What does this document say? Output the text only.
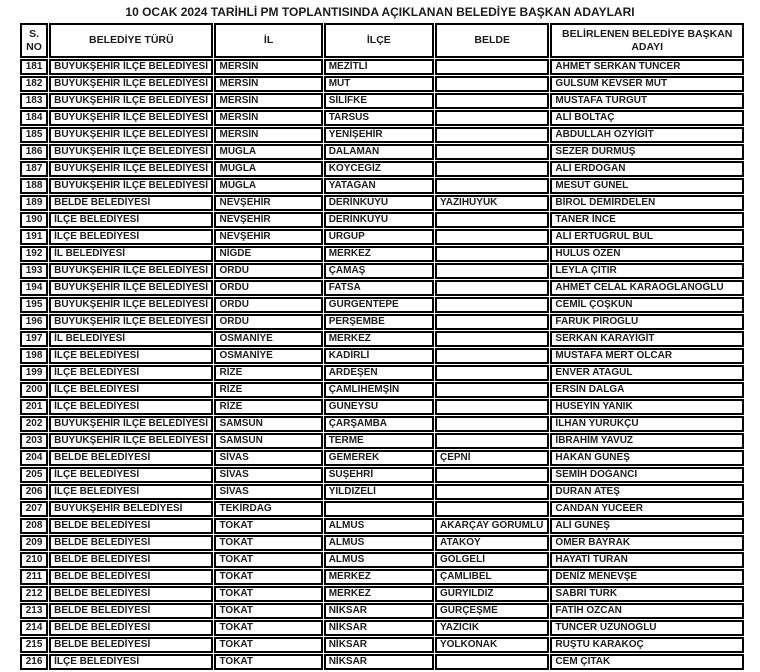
10 OCAK 2024 TARİHLİ PM TOPLANTISINDA AÇIKLANAN BELEDİYE BAŞKAN ADAYLARI
S. NO	BELEDİYE TÜRÜ	İL	İLÇE	BELDE	BELİRLENEN BELEDİYE BAŞKAN ADAYI
181	BÜYÜKŞEHİR İLÇE BELEDİYESİ	MERSİN	MEZİTLİ		AHMET SERKAN TUNCER
182	BÜYÜKŞEHİR İLÇE BELEDİYESİ	MERSİN	MUT		GÜLSÜM KEVSER MUT
183	BÜYÜKŞEHİR İLÇE BELEDİYESİ	MERSİN	SİLİFKE		MUSTAFA TURGUT
184	BÜYÜKŞEHİR İLÇE BELEDİYESİ	MERSİN	TARSUS		ALİ BOLTAÇ
185	BÜYÜKŞEHİR İLÇE BELEDİYESİ	MERSİN	YENİŞEHİR		ABDULLAH ÖZYİĞİT
186	BÜYÜKŞEHİR İLÇE BELEDİYESİ	MUĞLA	DALAMAN		SEZER DURMUŞ
187	BÜYÜKŞEHİR İLÇE BELEDİYESİ	MUĞLA	KÖYCEĞİZ		ALİ ERDOĞAN
188	BÜYÜKŞEHİR İLÇE BELEDİYESİ	MUĞLA	YATAĞAN		MESUT GÜNEL
189	BELDE BELEDİYESİ	NEVŞEHİR	DERİNKUYU	YAZIHÜYÜK	BİROL DEMİRDELEN
190	İLÇE BELEDİYESİ	NEVŞEHİR	DERİNKUYU		TANER İNCE
191	İLÇE BELEDİYESİ	NEVŞEHİR	ÜRGÜP		ALİ ERTUĞRUL BUL
192	İL BELEDİYESİ	NİĞDE	MERKEZ		HULUS ÖZEN
193	BÜYÜKŞEHİR İLÇE BELEDİYESİ	ORDU	ÇAMAŞ		LEYLA ÇITIR
194	BÜYÜKŞEHİR İLÇE BELEDİYESİ	ORDU	FATSA		AHMET CELAL KARAOĞLANOĞLU
195	BÜYÜKŞEHİR İLÇE BELEDİYESİ	ORDU	GÜRGENTEPE		CEMİL ÇOŞKUN
196	BÜYÜKŞEHİR İLÇE BELEDİYESİ	ORDU	PERŞEMBE		FARUK PİROĞLU
197	İL BELEDİYESİ	OSMANİYE	MERKEZ		SERKAN KARAYİĞİT
198	İLÇE BELEDİYESİ	OSMANİYE	KADİRLİ		MUSTAFA MERT OLCAR
199	İLÇE BELEDİYESİ	RİZE	ARDEŞEN		ENVER ATAGÜL
200	İLÇE BELEDİYESİ	RİZE	ÇAMLIHEMŞİN		ERSİN DALGA
201	İLÇE BELEDİYESİ	RİZE	GÜNEYSU		HÜSEYİN YANIK
202	BÜYÜKŞEHİR İLÇE BELEDİYESİ	SAMSUN	ÇARŞAMBA		İLHAN YÜRÜKÇÜ
203	BÜYÜKŞEHİR İLÇE BELEDİYESİ	SAMSUN	TERME		İBRAHİM YAVUZ
204	BELDE BELEDİYESİ	SİVAS	GEMEREK	ÇEPNİ	HAKAN GÜNEŞ
205	İLÇE BELEDİYESİ	SİVAS	SUŞEHRİ		SEMİH DOĞANCI
206	İLÇE BELEDİYESİ	SİVAS	YILDIZELİ		DURAN ATEŞ
207	BÜYÜKŞEHİR BELEDİYESİ	TEKİRDAĞ			CANDAN YÜCEER
208	BELDE BELEDİYESİ	TOKAT	ALMUS	AKARÇAY GÖRÜMLÜ	ALİ GÜNEŞ
209	BELDE BELEDİYESİ	TOKAT	ALMUS	ATAKÖY	ÖMER BAYRAK
210	BELDE BELEDİYESİ	TOKAT	ALMUS	GÖLGELİ	HAYATİ TURAN
211	BELDE BELEDİYESİ	TOKAT	MERKEZ	ÇAMLIBEL	DENİZ MENEVŞE
212	BELDE BELEDİYESİ	TOKAT	MERKEZ	GÜRYILDIZ	SABRİ TÜRK
213	BELDE BELEDİYESİ	TOKAT	NİKSAR	GÜRÇEŞME	FATİH ÖZCAN
214	BELDE BELEDİYESİ	TOKAT	NİKSAR	YAZICIK	TUNCER UZUNOĞLU
215	BELDE BELEDİYESİ	TOKAT	NİKSAR	YOLKONAK	RÜŞTÜ KARAKOÇ
216	İLÇE BELEDİYESİ	TOKAT	NİKSAR		CEM ÇITAK
